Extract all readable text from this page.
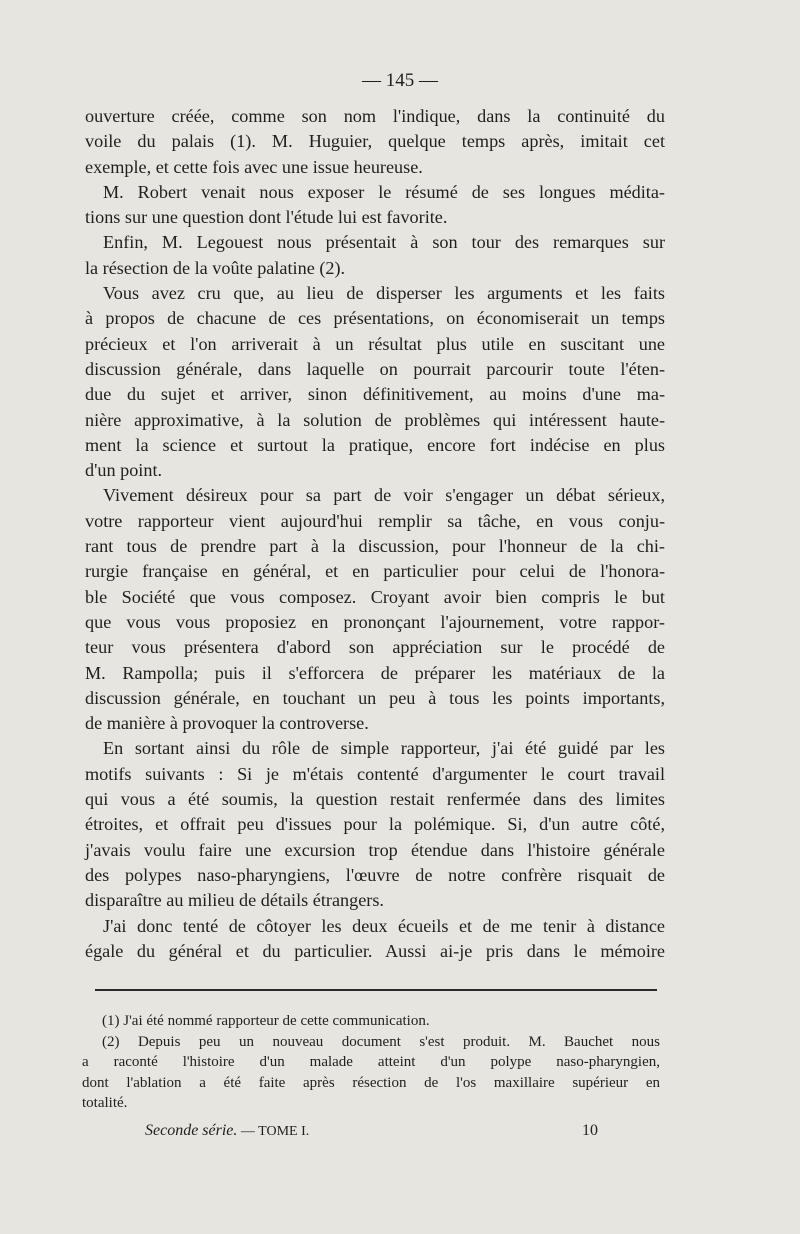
— 145 —
ouverture créée, comme son nom l'indique, dans la continuité du
voile du palais (1). M. Huguier, quelque temps après, imitait cet
exemple, et cette fois avec une issue heureuse.
M. Robert venait nous exposer le résumé de ses longues médita-
tions sur une question dont l'étude lui est favorite.
Enfin, M. Legouest nous présentait à son tour des remarques sur
la résection de la voûte palatine (2).
Vous avez cru que, au lieu de disperser les arguments et les faits
à propos de chacune de ces présentations, on économiserait un temps
précieux et l'on arriverait à un résultat plus utile en suscitant une
discussion générale, dans laquelle on pourrait parcourir toute l'éten-
due du sujet et arriver, sinon définitivement, au moins d'une ma-
nière approximative, à la solution de problèmes qui intéressent haute-
ment la science et surtout la pratique, encore fort indécise en plus
d'un point.
Vivement désireux pour sa part de voir s'engager un débat sérieux,
votre rapporteur vient aujourd'hui remplir sa tâche, en vous conju-
rant tous de prendre part à la discussion, pour l'honneur de la chi-
rurgie française en général, et en particulier pour celui de l'honora-
ble Société que vous composez. Croyant avoir bien compris le but
que vous vous proposiez en prononçant l'ajournement, votre rappor-
teur vous présentera d'abord son appréciation sur le procédé de
M. Rampolla; puis il s'efforcera de préparer les matériaux de la
discussion générale, en touchant un peu à tous les points importants,
de manière à provoquer la controverse.
En sortant ainsi du rôle de simple rapporteur, j'ai été guidé par les
motifs suivants : Si je m'étais contenté d'argumenter le court travail
qui vous a été soumis, la question restait renfermée dans des limites
étroites, et offrait peu d'issues pour la polémique. Si, d'un autre côté,
j'avais voulu faire une excursion trop étendue dans l'histoire générale
des polypes naso-pharyngiens, l'œuvre de notre confrère risquait de
disparaître au milieu de détails étrangers.
J'ai donc tenté de côtoyer les deux écueils et de me tenir à distance
égale du général et du particulier. Aussi ai-je pris dans le mémoire
(1) J'ai été nommé rapporteur de cette communication.
(2) Depuis peu un nouveau document s'est produit. M. Bauchet nous
a raconté l'histoire d'un malade atteint d'un polype naso-pharyngien,
dont l'ablation a été faite après résection de l'os maxillaire supérieur en
totalité.
Seconde série. — TOME I.	10
